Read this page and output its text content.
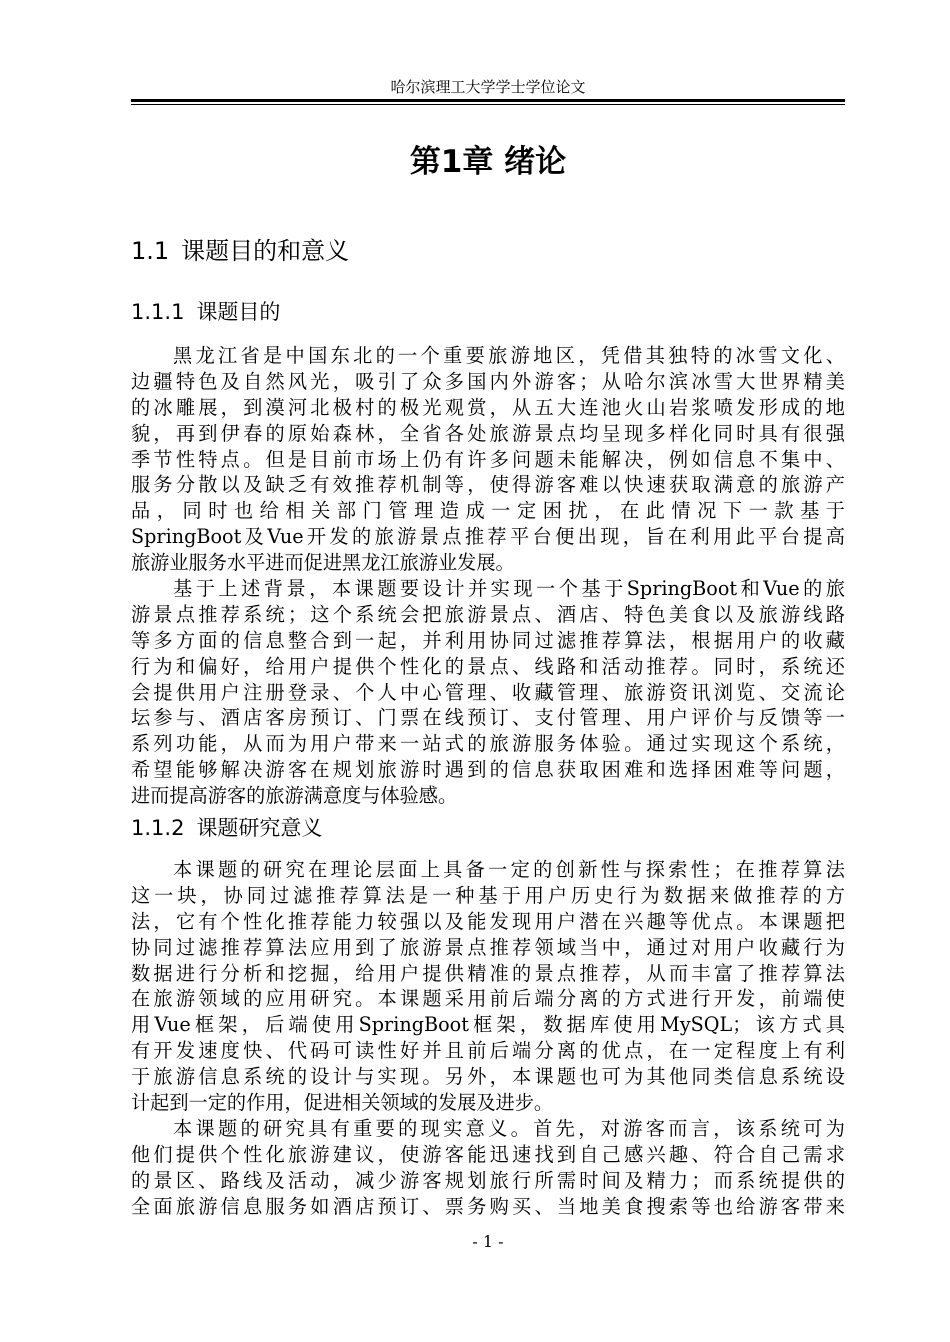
哈尔滨理工大学学士学位论文
第1章 绪论
1.1 课题目的和意义
1.1.1 课题目的
黑龙江省是中国东北的一个重要旅游地区，凭借其独特的冰雪文化、
边疆特色及自然风光，吸引了众多国内外游客；从哈尔滨冰雪大世界精美
的冰雕展，到漠河北极村的极光观赏，从五大连池火山岩浆喷发形成的地
貌，再到伊春的原始森林，全省各处旅游景点均呈现多样化同时具有很强
季节性特点。但是目前市场上仍有许多问题未能解决，例如信息不集中、
服务分散以及缺乏有效推荐机制等，使得游客难以快速获取满意的旅游产
品，同时也给相关部门管理造成一定困扰，在此情况下一款基于
SpringBoot及Vue开发的旅游景点推荐平台便出现，旨在利用此平台提高
旅游业服务水平进而促进黑龙江旅游业发展。
基于上述背景，本课题要设计并实现一个基于SpringBoot和Vue的旅
游景点推荐系统；这个系统会把旅游景点、酒店、特色美食以及旅游线路
等多方面的信息整合到一起，并利用协同过滤推荐算法，根据用户的收藏
行为和偏好，给用户提供个性化的景点、线路和活动推荐。同时，系统还
会提供用户注册登录、个人中心管理、收藏管理、旅游资讯浏览、交流论
坛参与、酒店客房预订、门票在线预订、支付管理、用户评价与反馈等一
系列功能，从而为用户带来一站式的旅游服务体验。通过实现这个系统，
希望能够解决游客在规划旅游时遇到的信息获取困难和选择困难等问题，
进而提高游客的旅游满意度与体验感。
1.1.2 课题研究意义
本课题的研究在理论层面上具备一定的创新性与探索性；在推荐算法
这一块，协同过滤推荐算法是一种基于用户历史行为数据来做推荐的方
法，它有个性化推荐能力较强以及能发现用户潜在兴趣等优点。本课题把
协同过滤推荐算法应用到了旅游景点推荐领域当中，通过对用户收藏行为
数据进行分析和挖掘，给用户提供精准的景点推荐，从而丰富了推荐算法
在旅游领域的应用研究。本课题采用前后端分离的方式进行开发，前端使
用Vue框架，后端使用SpringBoot框架，数据库使用MySQL；该方式具
有开发速度快、代码可读性好并且前后端分离的优点，在一定程度上有利
于旅游信息系统的设计与实现。另外，本课题也可为其他同类信息系统设
计起到一定的作用，促进相关领域的发展及进步。
本课题的研究具有重要的现实意义。首先，对游客而言，该系统可为
他们提供个性化旅游建议，使游客能迅速找到自己感兴趣、符合自己需求
的景区、路线及活动，减少游客规划旅行所需时间及精力；而系统提供的
全面旅游信息服务如酒店预订、票务购买、当地美食搜索等也给游客带来
- 1 -
